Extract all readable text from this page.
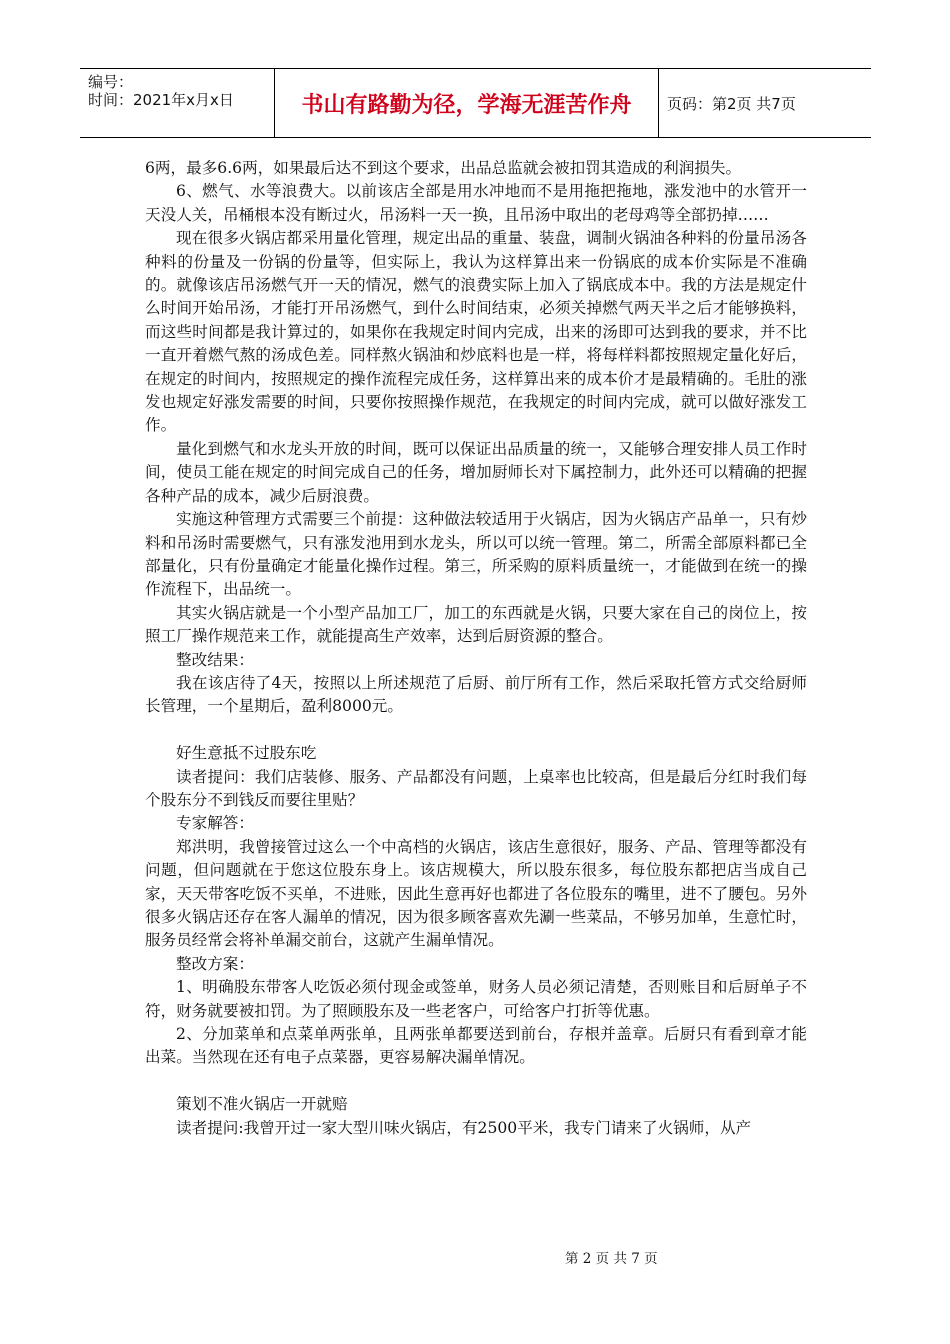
编号：
时间：2021年x月x日	书山有路勤为径，学海无涯苦作舟	页码：第2页 共7页

6两，最多6.6两，如果最后达不到这个要求，出品总监就会被扣罚其造成的利润损失。

6、燃气、水等浪费大。以前该店全部是用水冲地而不是用拖把拖地，涨发池中的水管开一天没人关，吊桶根本没有断过火，吊汤料一天一换，且吊汤中取出的老母鸡等全部扔掉……

现在很多火锅店都采用量化管理，规定出品的重量、装盘，调制火锅油各种料的份量吊汤各种料的份量及一份锅的份量等，但实际上，我认为这样算出来一份锅底的成本价实际是不准确的。就像该店吊汤燃气开一天的情况，燃气的浪费实际上加入了锅底成本中。我的方法是规定什么时间开始吊汤，才能打开吊汤燃气，到什么时间结束，必须关掉燃气两天半之后才能够换料，而这些时间都是我计算过的，如果你在我规定时间内完成，出来的汤即可达到我的要求，并不比一直开着燃气熬的汤成色差。同样熬火锅油和炒底料也是一样，将每样料都按照规定量化好后，在规定的时间内，按照规定的操作流程完成任务，这样算出来的成本价才是最精确的。毛肚的涨发也规定好涨发需要的时间，只要你按照操作规范，在我规定的时间内完成，就可以做好涨发工作。

量化到燃气和水龙头开放的时间，既可以保证出品质量的统一，又能够合理安排人员工作时间，使员工能在规定的时间完成自己的任务，增加厨师长对下属控制力，此外还可以精确的把握各种产品的成本，减少后厨浪费。

实施这种管理方式需要三个前提：这种做法较适用于火锅店，因为火锅店产品单一，只有炒料和吊汤时需要燃气，只有涨发池用到水龙头，所以可以统一管理。第二，所需全部原料都已全部量化，只有份量确定才能量化操作过程。第三，所采购的原料质量统一，才能做到在统一的操作流程下，出品统一。

其实火锅店就是一个小型产品加工厂，加工的东西就是火锅，只要大家在自己的岗位上，按照工厂操作规范来工作，就能提高生产效率，达到后厨资源的整合。

整改结果：

我在该店待了4天，按照以上所述规范了后厨、前厅所有工作，然后采取托管方式交给厨师长管理，一个星期后，盈利8000元。

好生意抵不过股东吃

读者提问：我们店装修、服务、产品都没有问题，上桌率也比较高，但是最后分红时我们每个股东分不到钱反而要往里贴？

专家解答：

郑洪明，我曾接管过这么一个中高档的火锅店，该店生意很好，服务、产品、管理等都没有问题，但问题就在于您这位股东身上。该店规模大，所以股东很多，每位股东都把店当成自己家，天天带客吃饭不买单，不进账，因此生意再好也都进了各位股东的嘴里，进不了腰包。另外很多火锅店还存在客人漏单的情况，因为很多顾客喜欢先涮一些菜品，不够另加单，生意忙时，服务员经常会将补单漏交前台，这就产生漏单情况。

整改方案：

1、明确股东带客人吃饭必须付现金或签单，财务人员必须记清楚，否则账目和后厨单子不符，财务就要被扣罚。为了照顾股东及一些老客户，可给客户打折等优惠。

2、分加菜单和点菜单两张单，且两张单都要送到前台，存根并盖章。后厨只有看到章才能出菜。当然现在还有电子点菜器，更容易解决漏单情况。

策划不准火锅店一开就赔

读者提问:我曾开过一家大型川味火锅店，有2500平米，我专门请来了火锅师，从产

第 2 页 共 7 页
